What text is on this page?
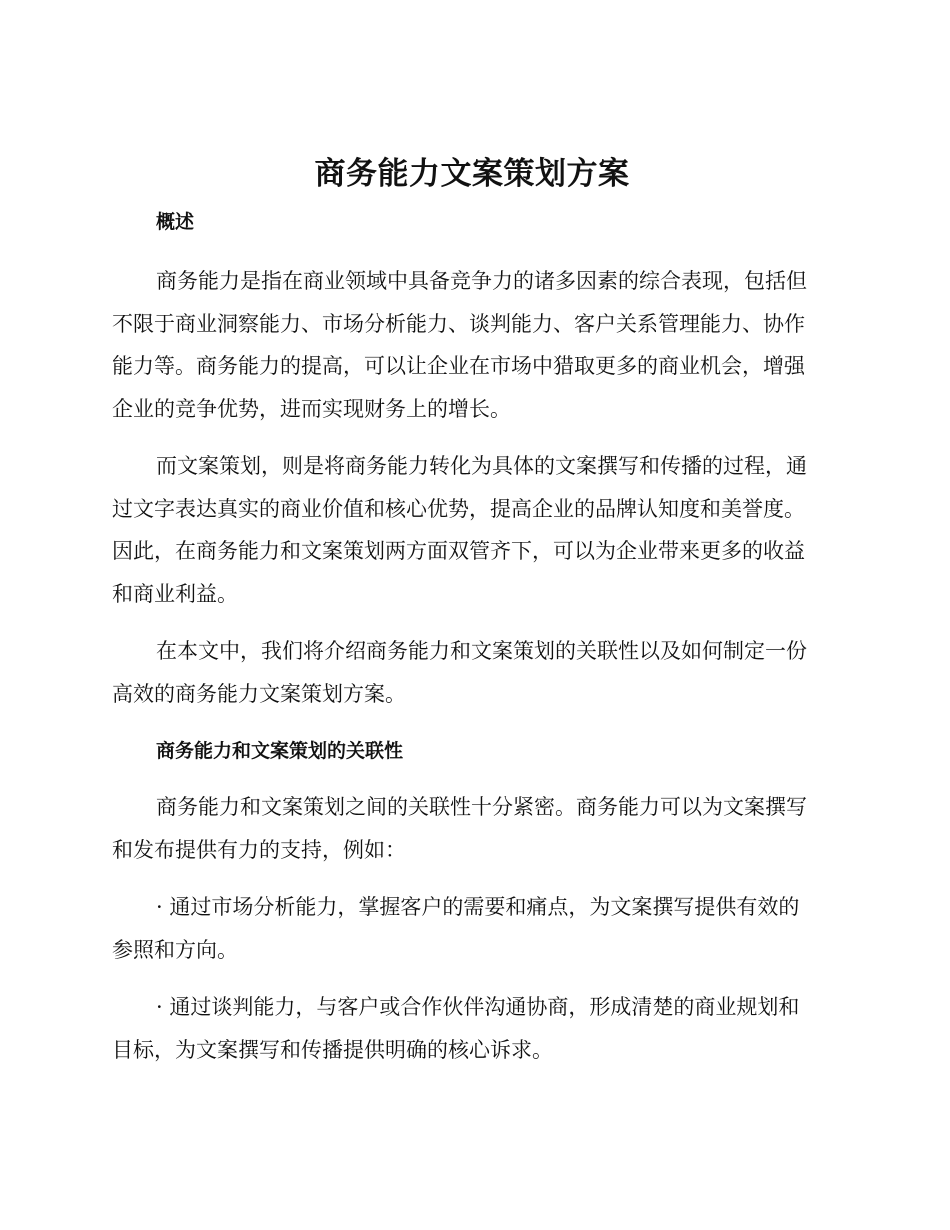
商务能力文案策划方案
概述
商务能力是指在商业领域中具备竞争力的诸多因素的综合表现，包括但
不限于商业洞察能力、市场分析能力、谈判能力、客户关系管理能力、协作
能力等。商务能力的提高，可以让企业在市场中猎取更多的商业机会，增强
企业的竞争优势，进而实现财务上的增长。
而文案策划，则是将商务能力转化为具体的文案撰写和传播的过程，通
过文字表达真实的商业价值和核心优势，提高企业的品牌认知度和美誉度。
因此，在商务能力和文案策划两方面双管齐下，可以为企业带来更多的收益
和商业利益。
在本文中，我们将介绍商务能力和文案策划的关联性以及如何制定一份
高效的商务能力文案策划方案。
商务能力和文案策划的关联性
商务能力和文案策划之间的关联性十分紧密。商务能力可以为文案撰写
和发布提供有力的支持，例如：
· 通过市场分析能力，掌握客户的需要和痛点，为文案撰写提供有效的
参照和方向。
· 通过谈判能力，与客户或合作伙伴沟通协商，形成清楚的商业规划和
目标，为文案撰写和传播提供明确的核心诉求。
